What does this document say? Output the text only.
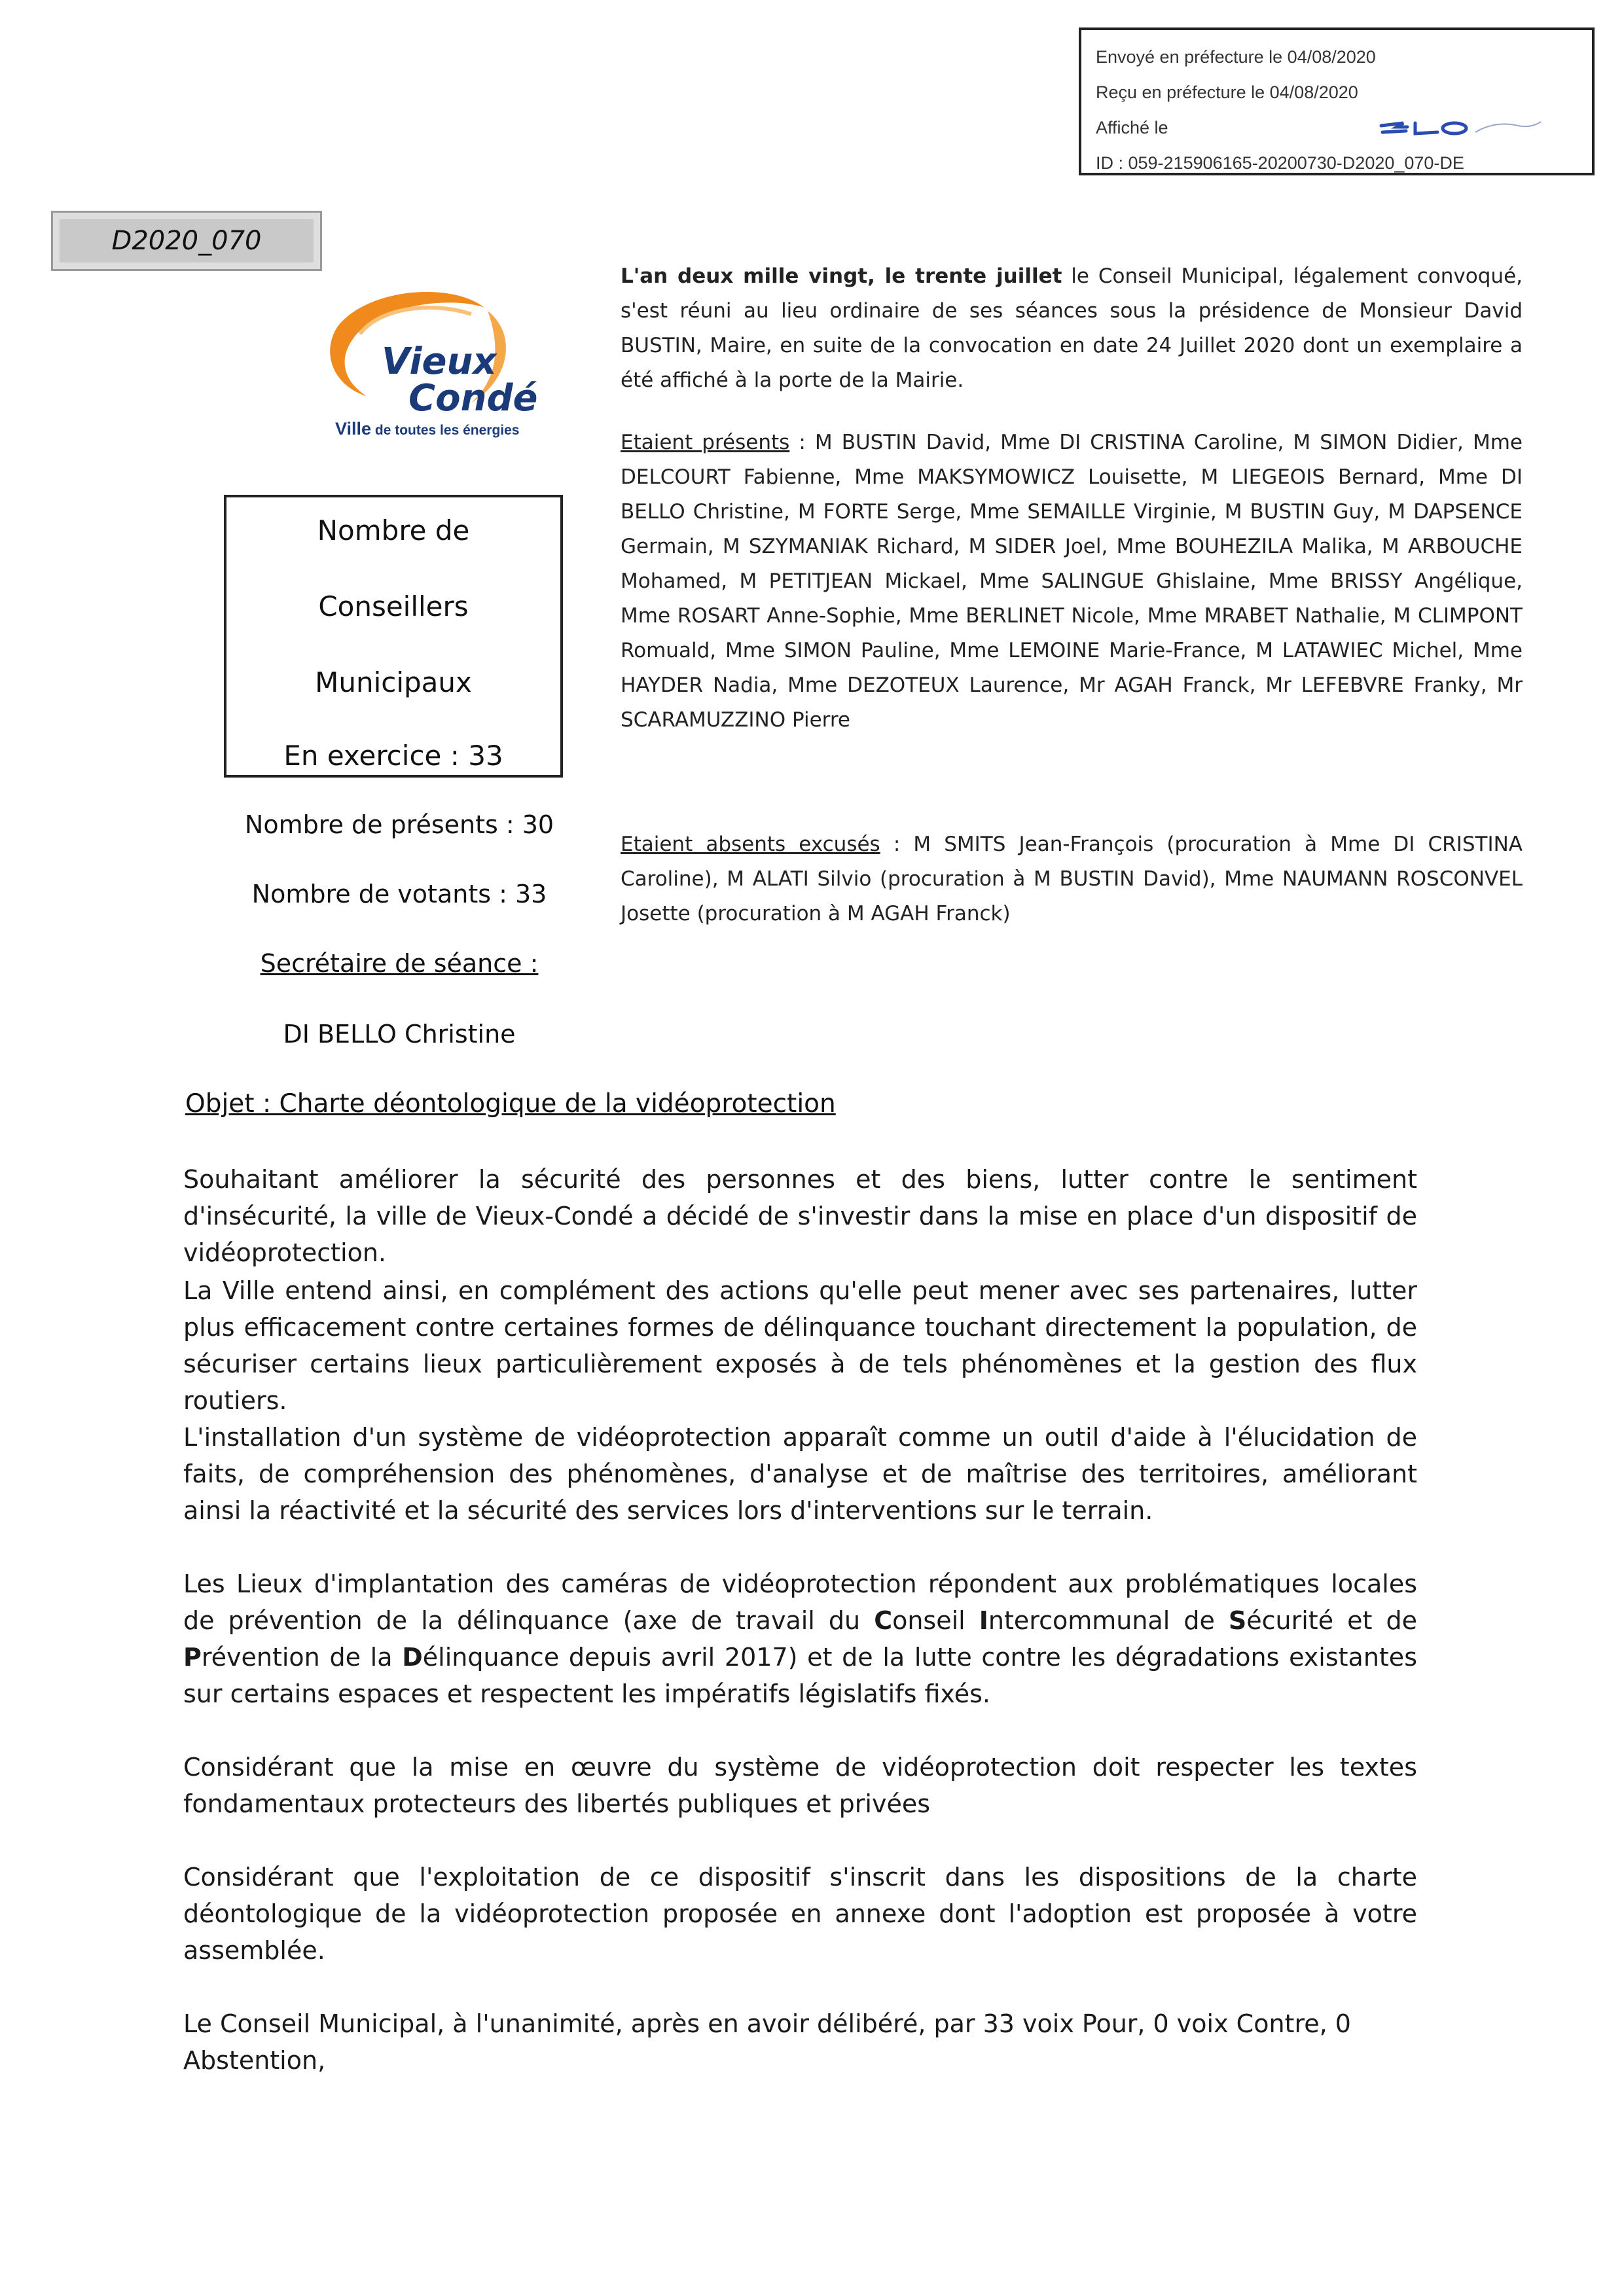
Envoyé en préfecture le 04/08/2020
Reçu en préfecture le 04/08/2020
Affiché le
ID : 059-215906165-20200730-D2020_070-DE
D2020_070
Vieux
Condé
Ville de toutes les énergies
Nombre de
Conseillers
Municipaux
En exercice : 33
Nombre de présents : 30
Nombre de votants : 33
Secrétaire de séance :
DI BELLO Christine
L'an deux mille vingt, le trente juillet le Conseil Municipal, légalement convoqué, s'est réuni au lieu ordinaire de ses séances sous la présidence de Monsieur David BUSTIN, Maire, en suite de la convocation en date 24 Juillet 2020 dont un exemplaire a été affiché à la porte de la Mairie.
Etaient présents : M BUSTIN David, Mme DI CRISTINA Caroline, M SIMON Didier, Mme DELCOURT Fabienne, Mme MAKSYMOWICZ Louisette, M LIEGEOIS Bernard, Mme DI BELLO Christine, M FORTE Serge, Mme SEMAILLE Virginie, M BUSTIN Guy, M DAPSENCE Germain, M SZYMANIAK Richard, M SIDER Joel, Mme BOUHEZILA Malika, M ARBOUCHE Mohamed, M PETITJEAN Mickael, Mme SALINGUE Ghislaine, Mme BRISSY Angélique, Mme ROSART Anne-Sophie, Mme BERLINET Nicole, Mme MRABET Nathalie, M CLIMPONT Romuald, Mme SIMON Pauline, Mme LEMOINE Marie-France, M LATAWIEC Michel, Mme HAYDER Nadia, Mme DEZOTEUX Laurence, Mr AGAH Franck, Mr LEFEBVRE Franky, Mr SCARAMUZZINO Pierre
Etaient absents excusés : M SMITS Jean-François (procuration à Mme DI CRISTINA Caroline), M ALATI Silvio (procuration à M BUSTIN David), Mme NAUMANN ROSCONVEL Josette (procuration à M AGAH Franck)
Objet : Charte déontologique de la vidéoprotection
Souhaitant améliorer la sécurité des personnes et des biens, lutter contre le sentiment d'insécurité, la ville de Vieux-Condé a décidé de s'investir dans la mise en place d'un dispositif de vidéoprotection.
La Ville entend ainsi, en complément des actions qu'elle peut mener avec ses partenaires, lutter plus efficacement contre certaines formes de délinquance touchant directement la population, de sécuriser certains lieux particulièrement exposés à de tels phénomènes et la gestion des flux routiers.
L'installation d'un système de vidéoprotection apparaît comme un outil d'aide à l'élucidation de faits, de compréhension des phénomènes, d'analyse et de maîtrise des territoires, améliorant ainsi la réactivité et la sécurité des services lors d'interventions sur le terrain.
Les Lieux d'implantation des caméras de vidéoprotection répondent aux problématiques locales de prévention de la délinquance (axe de travail du Conseil Intercommunal de Sécurité et de Prévention de la Délinquance depuis avril 2017) et de la lutte contre les dégradations existantes sur certains espaces et respectent les impératifs législatifs fixés.
Considérant que la mise en œuvre du système de vidéoprotection doit respecter les textes fondamentaux protecteurs des libertés publiques et privées
Considérant que l'exploitation de ce dispositif s'inscrit dans les dispositions de la charte déontologique de la vidéoprotection proposée en annexe dont l'adoption est proposée à votre assemblée.
Le Conseil Municipal, à l'unanimité, après en avoir délibéré, par 33 voix Pour, 0 voix Contre, 0
Abstention,
